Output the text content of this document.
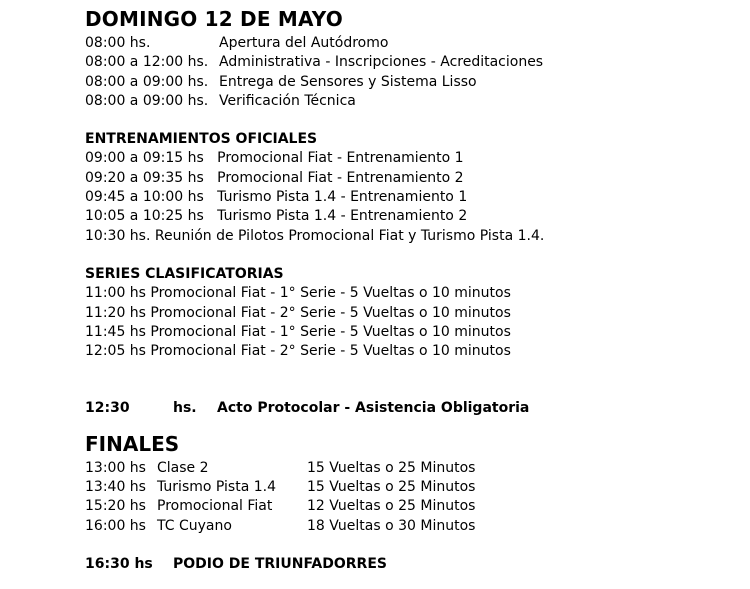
DOMINGO 12 DE MAYO
08:00 hs.	Apertura del Autódromo
08:00 a 12:00 hs. Administrativa - Inscripciones - Acreditaciones
08:00 a 09:00 hs. Entrega de Sensores y Sistema Lisso
08:00 a 09:00 hs. Verificación Técnica
ENTRENAMIENTOS OFICIALES
09:00 a 09:15 hs   Promocional Fiat - Entrenamiento 1
09:20 a 09:35 hs   Promocional Fiat - Entrenamiento 2
09:45 a 10:00 hs   Turismo Pista 1.4 - Entrenamiento 1
10:05 a 10:25 hs   Turismo Pista 1.4 - Entrenamiento 2
10:30 hs. Reunión de Pilotos Promocional Fiat y Turismo Pista 1.4.
SERIES CLASIFICATORIAS
11:00 hs Promocional Fiat - 1° Serie - 5 Vueltas o 10 minutos
11:20 hs Promocional Fiat - 2° Serie - 5 Vueltas o 10 minutos
11:45 hs Promocional Fiat - 1° Serie - 5 Vueltas o 10 minutos
12:05 hs Promocional Fiat - 2° Serie - 5 Vueltas o 10 minutos
12:30	hs. Acto Protocolar - Asistencia Obligatoria
FINALES
13:00 hs Clase 2	15 Vueltas o 25 Minutos
13:40 hs Turismo Pista 1.4 15 Vueltas o 25 Minutos
15:20 hs Promocional Fiat 12 Vueltas o 25 Minutos
16:00 hs TC Cuyano	18 Vueltas o 30 Minutos
16:30 hs PODIO DE TRIUNFADORRES
